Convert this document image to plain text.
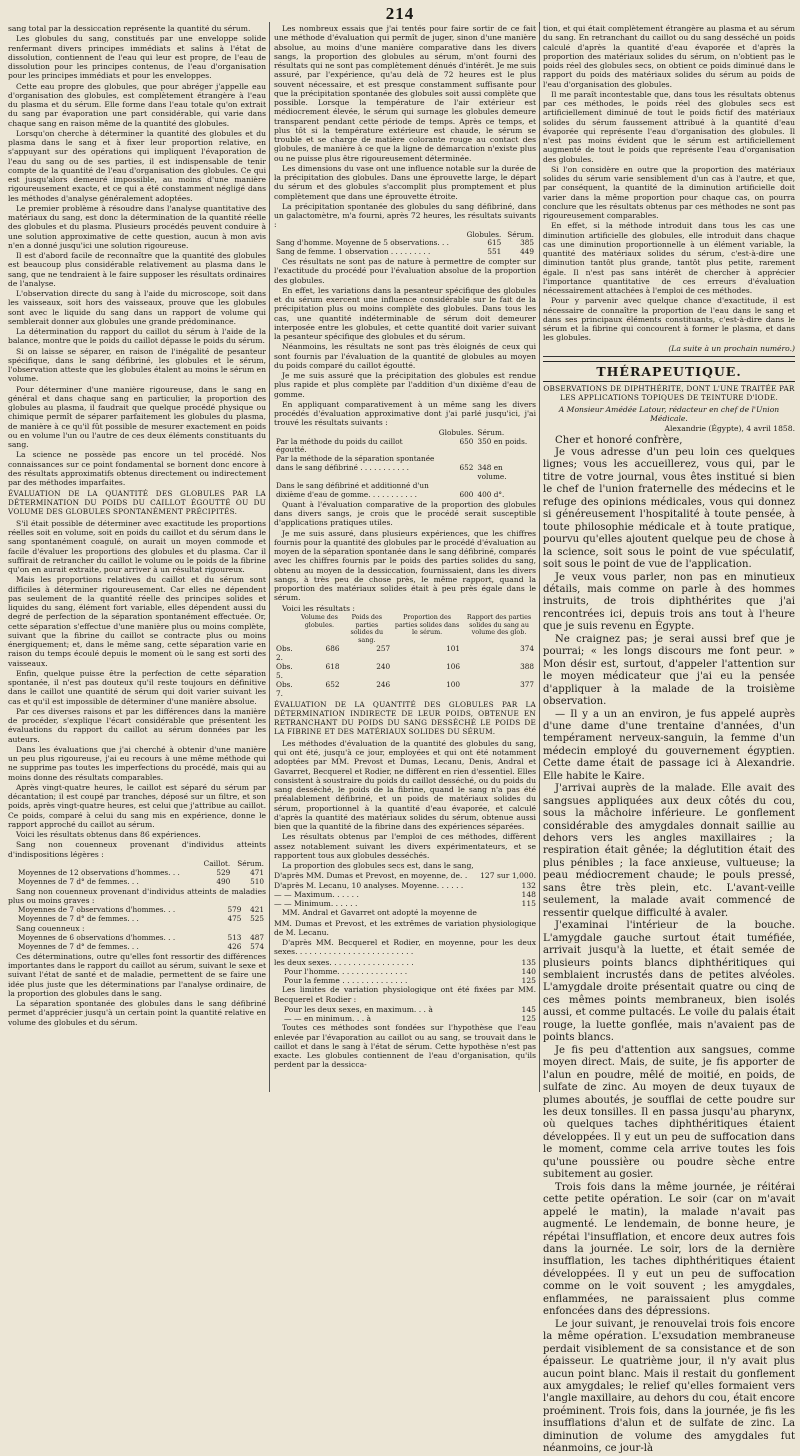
214

sang total par la dessiccation représente la quantité du sérum.

Les globules du sang, constitués par une enveloppe solide renfermant divers principes immédiats et salins à l'état de dissolution, contiennent de l'eau qui leur est propre, de l'eau de dissolution pour les principes contenus, de l'eau d'organisation pour les principes immédiats et pour les enveloppes.

Cette eau propre des globules, que pour abréger j'appelle eau d'organisation des globules, est complètement étrangère à l'eau du plasma et du sérum. Elle forme dans l'eau totale qu'on extrait du sang par évaporation une part considérable, qui varie dans chaque sang en raison même de la quantité des globules.

Lorsqu'on cherche à déterminer la quantité des globules et du plasma dans le sang et à fixer leur proportion relative, en s'appuyant sur des opérations qui impliquent l'évaporation de l'eau du sang ou de ses parties, il est indispensable de tenir compte de la quantité de l'eau d'organisation des globules. Ce qui est jusqu'alors demeuré impossible, au moins d'une manière rigoureusement exacte, et ce qui a été constamment négligé dans les méthodes d'analyse généralement adoptées.

Le premier problème à résoudre dans l'analyse quantitative des matériaux du sang, est donc la détermination de la quantité réelle des globules et du plasma. Plusieurs procédés peuvent conduire à une solution approximative de cette question, aucun à mon avis n'en a donné jusqu'ici une solution rigoureuse.

Il est d'abord facile de reconnaître que la quantité des globules est beaucoup plus considérable relativement au plasma dans le sang, que ne tendraient à le faire supposer les résultats ordinaires de l'analyse.

L'observation directe du sang à l'aide du microscope, soit dans les vaisseaux, soit hors des vaisseaux, prouve que les globules sont avec le liquide du sang dans un rapport de volume qui semblerait donner aux globules une grande prédominance.

La détermination du rapport du caillot du sérum à l'aide de la balance, montre que le poids du caillot dépasse le poids du sérum.

Si on laisse se séparer, en raison de l'inégalité de pesanteur spécifique, dans le sang défibriné, les globules et le sérum, l'observation atteste que les globules étalent au moins le sérum en volume.

Pour déterminer d'une manière rigoureuse, dans le sang en général et dans chaque sang en particulier, la proportion des globules au plasma, il faudrait que quelque procédé physique ou chimique permît de séparer parfaitement les globules du plasma, de manière à ce qu'il fût possible de mesurer exactement en poids ou en volume l'un ou l'autre de ces deux éléments constituants du sang.

La science ne possède pas encore un tel procédé. Nos connaissances sur ce point fondamental se bornent donc encore à des résultats approximatifs obtenus directement ou indirectement par des méthodes imparfaites.

ÉVALUATION DE LA QUANTITÉ DES GLOBULES PAR LA DÉTERMINATION DU POIDS DU CAILLOT ÉGOUTTÉ OU DU VOLUME DES GLOBULES SPONTANÉMENT PRÉCIPITÉS.

S'il était possible de déterminer avec exactitude les proportions réelles soit en volume, soit en poids du caillot et du sérum dans le sang spontanément coagulé, on aurait un moyen commode et facile d'évaluer les proportions des globules et du plasma. Car il suffirait de retrancher du caillot le volume ou le poids de la fibrine qu'on en aurait extraite, pour arriver à un résultat rigoureux.

Mais les proportions relatives du caillot et du sérum sont difficiles à déterminer rigoureusement. Car elles ne dépendent pas seulement de la quantité réelle des principes solides et liquides du sang, élément fort variable, elles dépendent aussi du degré de perfection de la séparation spontanément effectuée. Or, cette séparation s'effectue d'une manière plus ou moins complète, suivant que la fibrine du caillot se contracte plus ou moins énergiquement; et, dans le même sang, cette séparation varie en raison du temps écoulé depuis le moment où le sang est sorti des vaisseaux.

Enfin, quelque puisse être la perfection de cette séparation spontanée, il n'est pas douteux qu'il reste toujours en définitive dans le caillot une quantité de sérum qui doit varier suivant les cas et qu'il est impossible de déterminer d'une manière absolue.

Par ces diverses raisons et par les différences dans la manière de procéder, s'explique l'écart considérable que présentent les évaluations du rapport du caillot au sérum données par les auteurs.

Dans les évaluations que j'ai cherché à obtenir d'une manière un peu plus rigoureuse, j'ai eu recours à une même méthode qui ne supprime pas toutes les imperfections du procédé, mais qui au moins donne des résultats comparables.

Après vingt-quatre heures, le caillot est séparé du sérum par décantation; il est coupé par tranches, déposé sur un filtre, et son poids, après vingt-quatre heures, est celui que j'attribue au caillot. Ce poids, comparé à celui du sang mis en expérience, donne le rapport approché du caillot au sérum.

Voici les résultats obtenus dans 86 expériences.

Sang non couenneux provenant d'individus atteints d'indispositions légères :

	Caillot.	Sérum.
Moyennes de 12 observations d'hommes. . .	529	471
Moyennes de 7 d° de femmes. . .	490	510

Sang non couenneux provenant d'individus atteints de maladies plus ou moins graves :

Moyennes de 7 observations d'hommes. . .	579	421
Moyennes de 7 d° de femmes. . .	475	525

Sang couenneux :

Moyennes de 6 observations d'hommes. . .	513	487
Moyennes de 7 d° de femmes. . .	426	574

Ces déterminations, outre qu'elles font ressortir des différences importantes dans le rapport du caillot au sérum, suivant le sexe et suivant l'état de santé et de maladie, permettent de se faire une idée plus juste que les déterminations par l'analyse ordinaire, de la proportion des globules dans le sang.

La séparation spontanée des globules dans le sang défibriné permet d'apprécier jusqu'à un certain point la quantité relative en volume des globules et du sérum.

Les nombreux essais que j'ai tentés pour faire sortir de ce fait une méthode d'évaluation qui permît de juger, sinon d'une manière absolue, au moins d'une manière comparative dans les divers sangs, la proportion des globules au sérum, m'ont fourni des résultats qui ne sont pas complètement dénués d'intérêt. Je me suis assuré, par l'expérience, qu'au delà de 72 heures est le plus souvent nécessaire, et est presque constamment suffisante pour que la précipitation spontanée des globules soit aussi complète que possible. Lorsque la température de l'air extérieur est médiocrement élevée, le sérum qui surnage les globules demeure transparent pendant cette période de temps. Après ce temps, et plus tôt si la température extérieure est chaude, le sérum se trouble et se charge de matière colorante rouge au contact des globules, de manière à ce que la ligne de démarcation n'existe plus ou ne puisse plus être rigoureusement déterminée.

Les dimensions du vase ont une influence notable sur la durée de la précipitation des globules. Dans une éprouvette large, le départ du sérum et des globules s'accomplit plus promptement et plus complètement que dans une éprouvette étroite.

La précipitation spontanée des globules du sang défibriné, dans un galactomètre, m'a fourni, après 72 heures, les résultats suivants :

	Globules.	Sérum.
Sang d'homme. Moyenne de 5 observations. . .	615	385
Sang de femme. 1 observation . . . . . . . . .	551	449

Ces résultats ne sont pas de nature à permettre de compter sur l'exactitude du procédé pour l'évaluation absolue de la proportion des globules.

En effet, les variations dans la pesanteur spécifique des globules et du sérum exercent une influence considérable sur le fait de la précipitation plus ou moins complète des globules. Dans tous les cas, une quantité indéterminable de sérum doit demeurer interposée entre les globules, et cette quantité doit varier suivant la pesanteur spécifique des globules et du sérum.

Néanmoins, les résultats ne sont pas très éloignés de ceux qui sont fournis par l'évaluation de la quantité de globules au moyen du poids comparé du caillot égoutté.

Je me suis assuré que la précipitation des globules est rendue plus rapide et plus complète par l'addition d'un dixième d'eau de gomme.

En appliquant comparativement à un même sang les divers procédés d'évaluation approximative dont j'ai parlé jusqu'ici, j'ai trouvé les résultats suivants :

	Globules.	Sérum.
Par la méthode du poids du caillot égoutté.	650	350 en poids.
Par la méthode de la séparation spontanée		
dans le sang défibriné . . . . . . . . . . .	652	348 en volume.
Dans le sang défibriné et additionné d'un		
dixième d'eau de gomme. . . . . . . . . . .	600	400 d°.

Quant à l'évaluation comparative de la proportion des globules dans divers sangs, je crois que le procédé serait susceptible d'applications pratiques utiles.

Je me suis assuré, dans plusieurs expériences, que les chiffres fournis pour la quantité des globules par le procédé d'évaluation au moyen de la séparation spontanée dans le sang défibriné, comparés avec les chiffres fournis par le poids des parties solides du sang, obtenu au moyen de la dessiccation, fournissaient, dans les divers sangs, à très peu de chose près, le même rapport, quand la proportion des matériaux solides était à peu près égale dans le sérum.

Voici les résultats :

	Volume des globules.	Poids des parties solides du sang.	Proportion des parties solides dans le sérum.	Rapport des parties solides du sang au volume des glob.
Obs. 2.	686	257	101	374
Obs. 5.	618	240	106	388
Obs. 7.	652	246	100	377
ÉVALUATION DE LA QUANTITÉ DES GLOBULES PAR LA DÉTERMINATION INDIRECTE DE LEUR POIDS, OBTENUE EN RETRANCHANT DU POIDS DU SANG DESSÉCHÉ LE POIDS DE LA FIBRINE ET DES MATÉRIAUX SOLIDES DU SÉRUM.

Les méthodes d'évaluation de la quantité des globules du sang, qui ont été, jusqu'à ce jour, employées et qui ont été notamment adoptées par MM. Prevost et Dumas, Lecanu, Denis, Andral et Gavarret, Becquerel et Rodier, ne diffèrent en rien d'essentiel. Elles consistent à soustraire du poids du caillot desséché, ou du poids du sang desséché, le poids de la fibrine, quand le sang n'a pas été préalablement défibriné, et un poids de matériaux solides du sérum, proportionnel à la quantité d'eau évaporée, et calculé d'après la quantité des matériaux solides du sérum, obtenue aussi bien que la quantité de la fibrine dans des expériences séparées.

Les résultats obtenus par l'emploi de ces méthodes, diffèrent assez notablement suivant les divers expérimentateurs, et se rapportent tous aux globules desséchés.

La proportion des globules secs est, dans le sang,

D'après MM. Dumas et Prevost, en moyenne, de. .	127 sur 1,000.
D'après M. Lecanu, 10 analyses. Moyenne. . . . . .	132
— — Maximum. . . . . .	148
— — Minimum. . . . . .	115

MM. Andral et Gavarret ont adopté la moyenne de

MM. Dumas et Prevost, et les extrêmes de variation physiologique de M. Lecanu.

D'après MM. Becquerel et Rodier, en moyenne, pour les deux sexes. . . . . . . . . . . . . . . . . . . . . . . . .

les deux sexes. . . . . . . . . . . . . . . . . .	135
Pour l'homme. . . . . . . . . . . . . . .	140
Pour la femme . . . . . . . . . . . . . .	125

Les limites de variation physiologique ont été fixées par MM. Becquerel et Rodier :

Pour les deux sexes, en maximum. . . à	145
— — en minimum. . . à	125

Toutes ces méthodes sont fondées sur l'hypothèse que l'eau enlevée par l'évaporation au caillot ou au sang, se trouvait dans le caillot et dans le sang à l'état de sérum. Cette hypothèse n'est pas exacte. Les globules contiennent de l'eau d'organisation, qu'ils perdent par la dessicca-

tion, et qui était complètement étrangère au plasma et au sérum du sang. En retranchant du caillot ou du sang desséché un poids calculé d'après la quantité d'eau évaporée et d'après la proportion des matériaux solides du sérum, on n'obtient pas le poids réel des globules secs, on obtient ce poids diminué dans le rapport du poids des matériaux solides du sérum au poids de l'eau d'organisation des globules.

Il me paraît incontestable que, dans tous les résultats obtenus par ces méthodes, le poids réel des globules secs est artificiellement diminué de tout le poids fictif des matériaux solides du sérum faussement attribué à la quantité d'eau évaporée qui représente l'eau d'organisation des globules. Il n'est pas moins évident que le sérum est artificiellement augmenté de tout le poids que représente l'eau d'organisation des globules.

Si l'on considère en outre que la proportion des matériaux solides du sérum varie sensiblement d'un cas à l'autre, et que, par conséquent, la quantité de la diminution artificielle doit varier dans la même proportion pour chaque cas, on pourra conclure que les résultats obtenus par ces méthodes ne sont pas rigoureusement comparables.

En effet, si la méthode introduit dans tous les cas une diminution artificielle des globules, elle introduit dans chaque cas une diminution proportionnelle à un élément variable, la quantité des matériaux solides du sérum, c'est-à-dire une diminution tantôt plus grande, tantôt plus petite, rarement égale. Il n'est pas sans intérêt de chercher à apprécier l'importance quantitative de ces erreurs d'évaluation nécessairement attachées à l'emploi de ces méthodes.

Pour y parvenir avec quelque chance d'exactitude, il est nécessaire de connaître la proportion de l'eau dans le sang et dans ses principaux éléments constituants, c'est-à-dire dans le sérum et la fibrine qui concourent à former le plasma, et dans les globules.

(La suite à un prochain numéro.)

THÉRAPEUTIQUE.
OBSERVATIONS DE DIPHTHÉRITE, DONT L'UNE TRAITÉE PAR LES APPLICATIONS TOPIQUES DE TEINTURE D'IODE.

A Monsieur Amédée Latour, rédacteur en chef de l'Union Médicale.

Alexandrie (Égypte), 4 avril 1858.

Cher et honoré confrère,

Je vous adresse d'un peu loin ces quelques lignes; vous les accueillerez, vous qui, par le titre de votre journal, vous êtes institué si bien le chef de l'union fraternelle des médecins et le refuge des opinions médicales, vous qui donnez si généreusement l'hospitalité à toute pensée, à toute philosophie médicale et à toute pratique, pourvu qu'elles ajoutent quelque peu de chose à la science, soit sous le point de vue spéculatif, soit sous le point de vue de l'application.

Je veux vous parler, non pas en minutieux détails, mais comme on parle à des hommes instruits, de trois diphthérites que j'ai rencontrées ici, depuis trois ans tout à l'heure que je suis revenu en Égypte.

Ne craignez pas; je serai aussi bref que je pourrai; « les longs discours me font peur. » Mon désir est, surtout, d'appeler l'attention sur le moyen médicateur que j'ai eu la pensée d'appliquer à la malade de la troisième observation.

— Il y a un an environ, je fus appelé auprès d'une dame d'une trentaine d'années, d'un tempérament nerveux-sanguin, la femme d'un médecin employé du gouvernement égyptien. Cette dame était de passage ici à Alexandrie. Elle habite le Kaire.

J'arrivai auprès de la malade. Elle avait des sangsues appliquées aux deux côtés du cou, sous la mâchoire inférieure. Le gonflement considérable des amygdales donnait saillie au dehors vers les angles maxillaires ; la respiration était gênée; la déglutition était des plus pénibles ; la face anxieuse, vultueuse; la peau médiocrement chaude; le pouls pressé, sans être très plein, etc. L'avant-veille seulement, la malade avait commencé de ressentir quelque difficulté à avaler.

J'examinai l'intérieur de la bouche. L'amygdale gauche surtout était tuméfiée, arrivait jusqu'à la luette, et était semée de plusieurs points blancs diphthéritiques qui semblaient incrustés dans de petites alvéoles. L'amygdale droite présentait quatre ou cinq de ces mêmes points membraneux, bien isolés aussi, et comme pultacés. Le voile du palais était rouge, la luette gonflée, mais n'avaient pas de points blancs.

Je fis peu d'attention aux sangsues, comme moyen direct. Mais, de suite, je fis apporter de l'alun en poudre, mêlé de moitié, en poids, de sulfate de zinc. Au moyen de deux tuyaux de plumes aboutés, je soufflai de cette poudre sur les deux tonsilles. Il en passa jusqu'au pharynx, où quelques taches diphthéritiques étaient développées. Il y eut un peu de suffocation dans le moment, comme cela arrive toutes les fois qu'une poussière ou poudre sèche entre subitement au gosier.

Trois fois dans la même journée, je réitérai cette petite opération. Le soir (car on m'avait appelé le matin), la malade n'avait pas augmenté. Le lendemain, de bonne heure, je répétai l'insufflation, et encore deux autres fois dans la journée. Le soir, lors de la dernière insufflation, les taches diphthéritiques étaient développées. Il y eut un peu de suffocation comme on le voit souvent ; les amygdales, enflammées, ne paraissaient plus comme enfoncées dans des dépressions.

Le jour suivant, je renouvelai trois fois encore la même opération. L'exsudation membraneuse perdait visiblement de sa consistance et de son épaisseur. Le quatrième jour, il n'y avait plus aucun point blanc. Mais il restait du gonflement aux amygdales; le relief qu'elles formaient vers l'angle maxillaire, au dehors du cou, était encore proéminent. Trois fois, dans la journée, je fis les insufflations d'alun et de sulfate de zinc. La diminution de volume des amygdales fut néanmoins, ce jour-là
